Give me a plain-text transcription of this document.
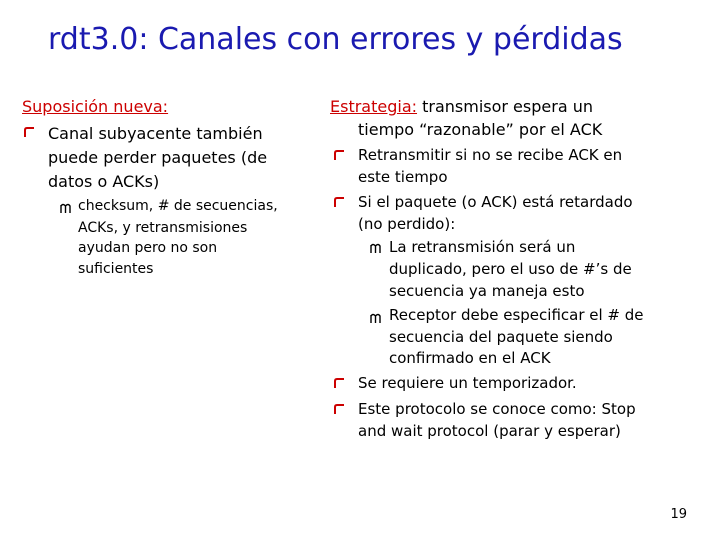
rdt3.0: Canales con errores y pérdidas
Suposición nueva:
Canal subyacente también
puede perder paquetes (de
datos o ACKs)
checksum, # de secuencias,
ACKs, y retransmisiones
ayudan pero no son
suficientes
Estrategia: transmisor espera un
tiempo “razonable” por el ACK
Retransmitir si no se recibe ACK en
este tiempo
Si el paquete (o ACK) está retardado
(no perdido):
La retransmisión será un
duplicado, pero el uso de #’s de
secuencia ya maneja esto
Receptor debe especificar el # de
secuencia del paquete siendo
confirmado en el ACK
Se requiere un temporizador.
Este protocolo se conoce como: Stop
and wait protocol (parar y esperar)
19
